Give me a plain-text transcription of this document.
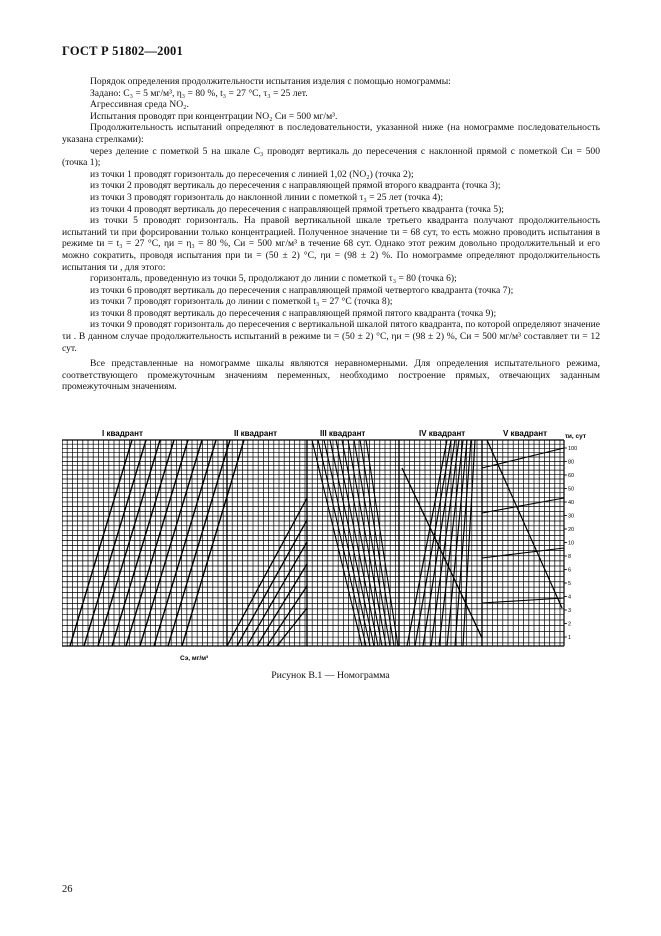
ГОСТ Р 51802—2001

Порядок определения продолжительности испытания изделия с помощью номограммы:

Задано: С₃ = 5 мг/м³, η₃ = 80 %, t₃ = 27 °С, τ₃ = 25 лет.

Агрессивная среда NO₂.

Испытания проводят при концентрации NO₂ Си = 500 мг/м³.

Продолжительность испытаний определяют в последовательности, указанной ниже (на номограмме последовательность указана стрелками):

через деление с пометкой 5 на шкале С₃ проводят вертикаль до пересечения с наклонной прямой с пометкой Си = 500 (точка 1);

из точки 1 проводят горизонталь до пересечения с линией 1,02 (NO₂) (точка 2);

из точки 2 проводят вертикаль до пересечения с направляющей прямой второго квадранта (точка 3);

из точки 3 проводят горизонталь до наклонной линии с пометкой τ₃ = 25 лет (точка 4);

из точки 4 проводят вертикаль до пересечения с направляющей прямой третьего квадранта (точка 5);

из точки 5 проводят горизонталь. На правой вертикальной шкале третьего квадранта получают продолжительность испытаний τи при форсировании только концентрацией. Полученное значение τи = 68 сут, то есть можно проводить испытания в режиме tи = t₃ = 27 °С, ηи = η₃ = 80 %, Си = 500 мг/м³ в течение 68 сут. Однако этот режим довольно продолжительный и его можно сократить, проводя испытания при tи = (50 ± 2) °С, ηи = (98 ± 2) %. По номограмме определяют продолжительность испытания τи , для этого:

горизонталь, проведенную из точки 5, продолжают до линии с пометкой τ₃ = 80 (точка 6);

из точки 6 проводят вертикаль до пересечения с направляющей прямой четвертого квадранта (точка 7);

из точки 7 проводят горизонталь до линии с пометкой t₃ = 27 °С (точка 8);

из точки 8 проводят вертикаль до пересечения с направляющей прямой пятого квадранта (точка 9);

из точки 9 проводят горизонталь до пересечения с вертикальной шкалой пятого квадранта, по которой определяют значение τи . В данном случае продолжительность испытаний в режиме tи = (50 ± 2) °С, ηи = (98 ± 2) %, Си = 500 мг/м³ составляет τи = 12 сут.

Все представленные на номограмме шкалы являются неравномерными. Для определения испытательного режима, соответствующего промежуточным значениям переменных, необходимо построение прямых, отвечающих заданным промежуточным значениям.

I квадрант	II квадрант	III квадрант	IV квадрант	V квадрант	τи, сут
Сэ, мг/м³
100
80
60
50
40
30
20
10
8
6
5
4
3
2
1
Рисунок В.1 — Номограмма
26
